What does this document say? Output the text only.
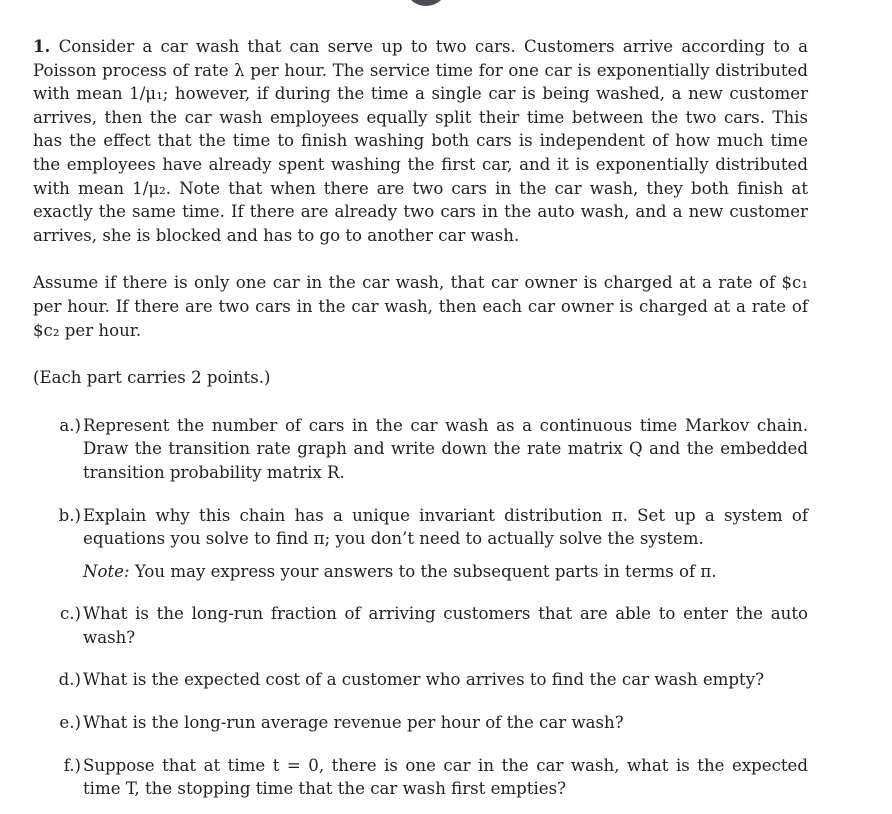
1. Consider a car wash that can serve up to two cars. Customers arrive according to a Poisson process of rate λ per hour. The service time for one car is exponentially distributed with mean 1/μ₁; however, if during the time a single car is being washed, a new customer arrives, then the car wash employees equally split their time between the two cars. This has the effect that the time to finish washing both cars is independent of how much time the employees have already spent washing the first car, and it is exponentially distributed with mean 1/μ₂. Note that when there are two cars in the car wash, they both finish at exactly the same time. If there are already two cars in the auto wash, and a new customer arrives, she is blocked and has to go to another car wash.

Assume if there is only one car in the car wash, that car owner is charged at a rate of $c₁ per hour. If there are two cars in the car wash, then each car owner is charged at a rate of $c₂ per hour.

(Each part carries 2 points.)

a.) Represent the number of cars in the car wash as a continuous time Markov chain. Draw the transition rate graph and write down the rate matrix Q and the embedded transition probability matrix R.
b.) Explain why this chain has a unique invariant distribution π. Set up a system of equations you solve to find π; you don’t need to actually solve the system.
Note: You may express your answers to the subsequent parts in terms of π.
c.) What is the long-run fraction of arriving customers that are able to enter the auto wash?
d.) What is the expected cost of a customer who arrives to find the car wash empty?
e.) What is the long-run average revenue per hour of the car wash?
f.) Suppose that at time t = 0, there is one car in the car wash, what is the expected time T, the stopping time that the car wash first empties?
